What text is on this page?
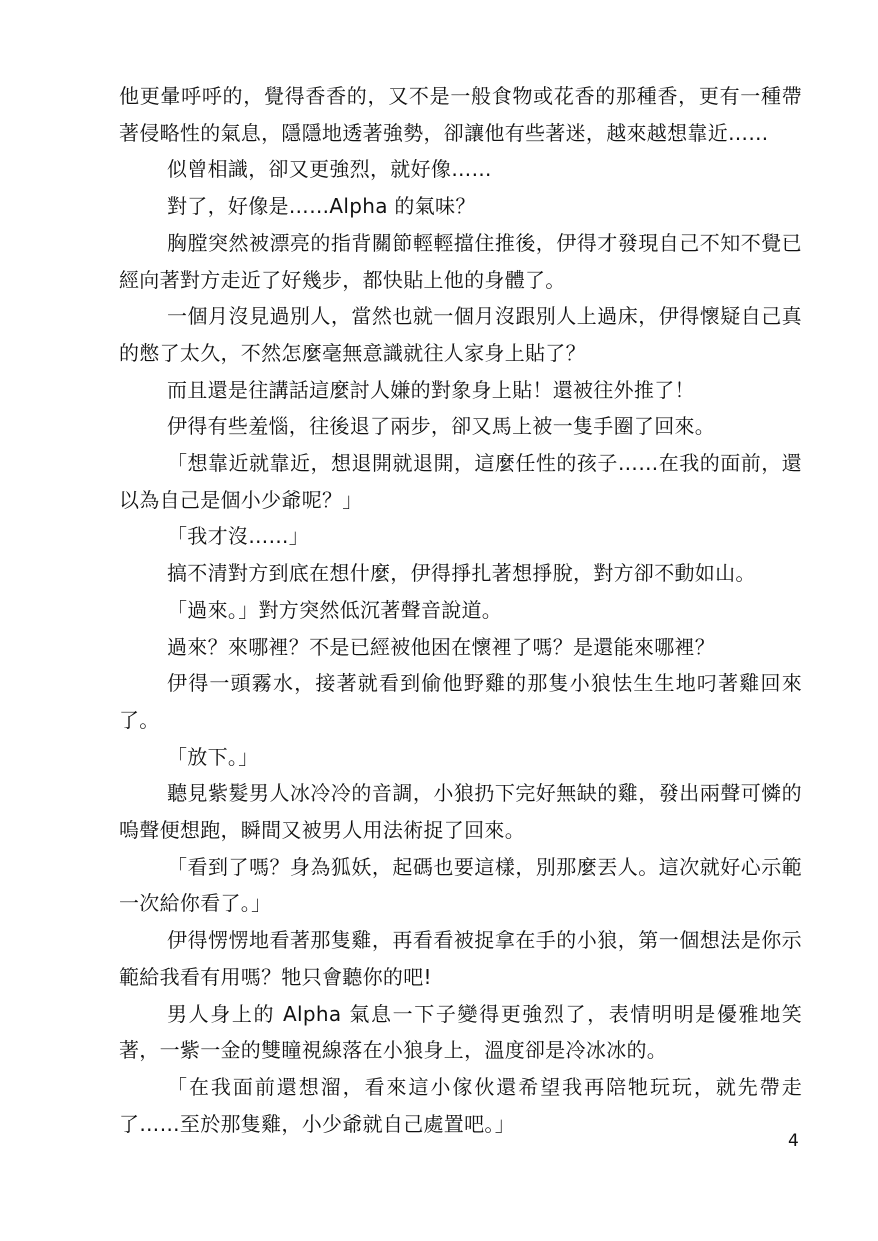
他更暈呼呼的，覺得香香的，又不是一般食物或花香的那種香，更有一種帶著侵略性的氣息，隱隱地透著強勢，卻讓他有些著迷，越來越想靠近……

似曾相識，卻又更強烈，就好像……

對了，好像是……Alpha 的氣味？

胸膛突然被漂亮的指背關節輕輕擋住推後，伊得才發現自己不知不覺已經向著對方走近了好幾步，都快貼上他的身體了。

一個月沒見過別人，當然也就一個月沒跟別人上過床，伊得懷疑自己真的憋了太久，不然怎麼毫無意識就往人家身上貼了？

而且還是往講話這麼討人嫌的對象身上貼！還被往外推了！

伊得有些羞惱，往後退了兩步，卻又馬上被一隻手圈了回來。

「想靠近就靠近，想退開就退開，這麼任性的孩子……在我的面前，還以為自己是個小少爺呢？」

「我才沒……」

搞不清對方到底在想什麼，伊得掙扎著想掙脫，對方卻不動如山。

「過來。」對方突然低沉著聲音說道。

過來？來哪裡？不是已經被他困在懷裡了嗎？是還能來哪裡？

伊得一頭霧水，接著就看到偷他野雞的那隻小狼怯生生地叼著雞回來了。

「放下。」

聽見紫髮男人冰冷冷的音調，小狼扔下完好無缺的雞，發出兩聲可憐的嗚聲便想跑，瞬間又被男人用法術捉了回來。

「看到了嗎？身為狐妖，起碼也要這樣，別那麼丟人。這次就好心示範一次給你看了。」

伊得愣愣地看著那隻雞，再看看被捉拿在手的小狼，第一個想法是你示範給我看有用嗎？牠只會聽你的吧!

男人身上的 Alpha 氣息一下子變得更強烈了，表情明明是優雅地笑著，一紫一金的雙瞳視線落在小狼身上，溫度卻是冷冰冰的。

「在我面前還想溜，看來這小傢伙還希望我再陪牠玩玩，就先帶走了……至於那隻雞，小少爺就自己處置吧。」

4
